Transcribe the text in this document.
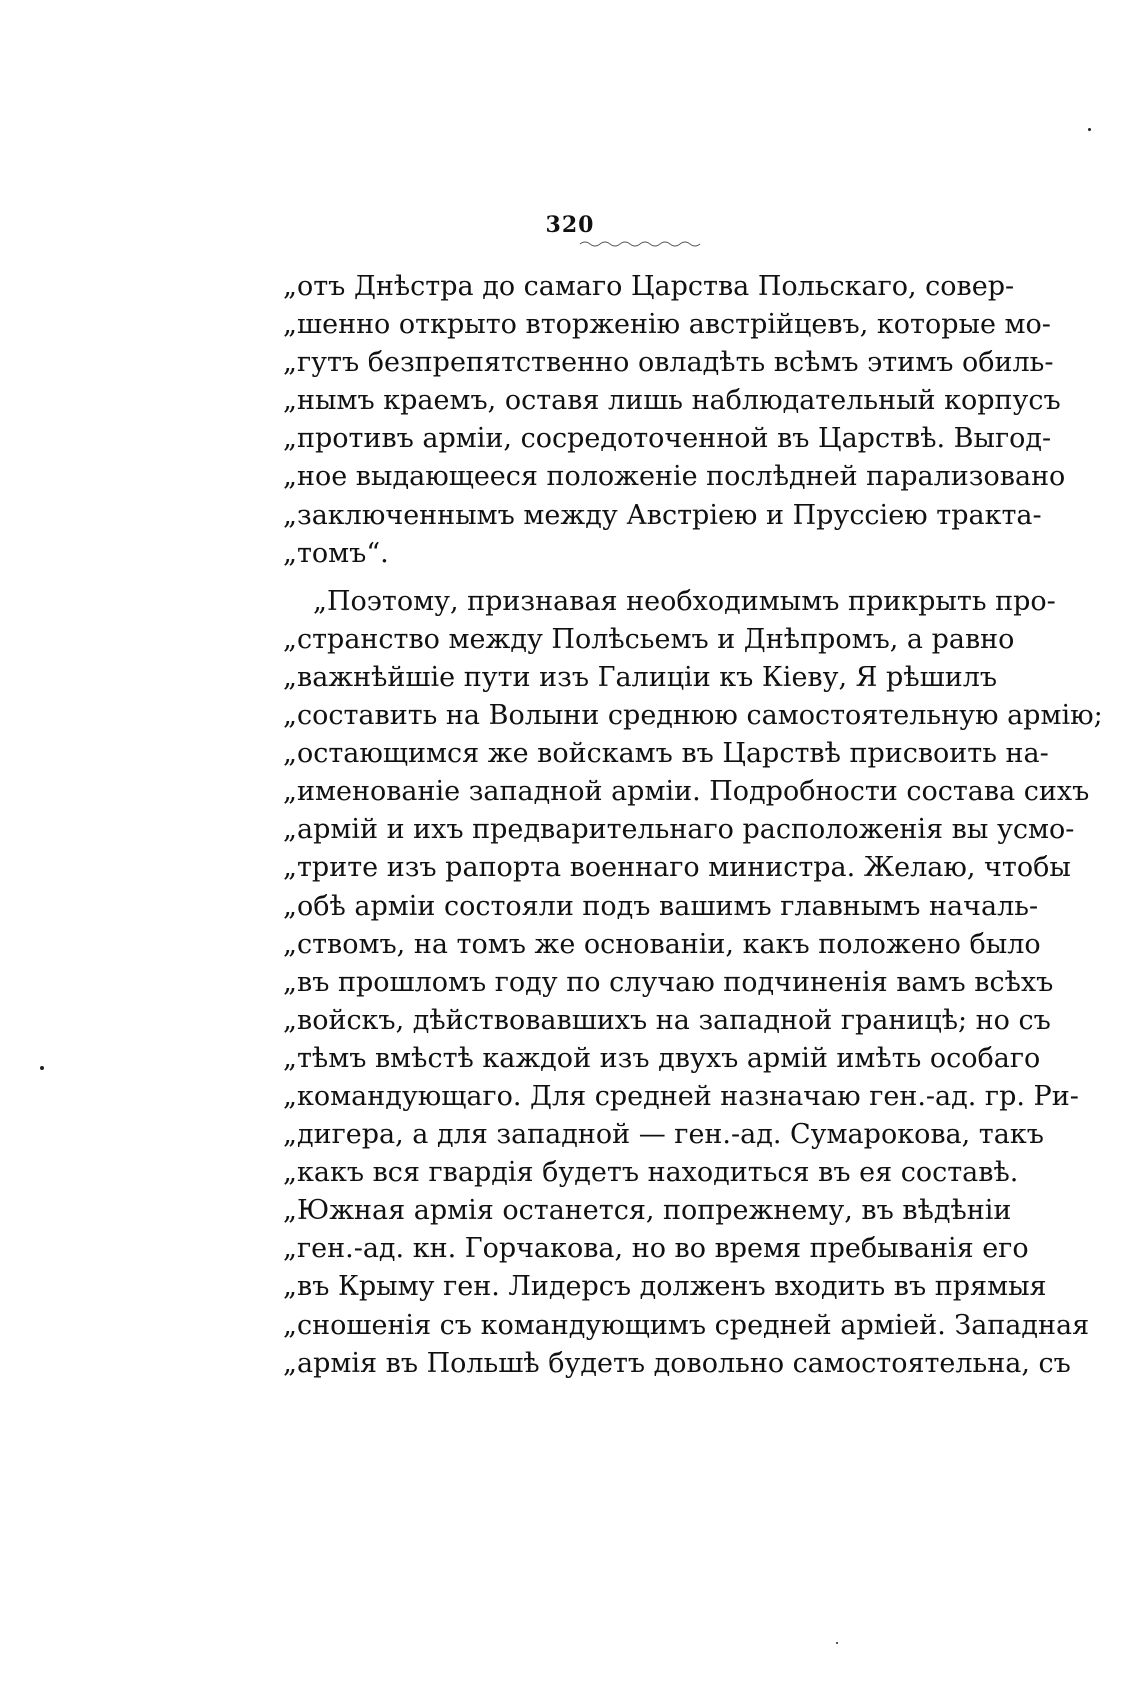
320
„отъ Днѣстра до самаго Царства Польскаго, совер-
„шенно открыто вторженію австрійцевъ, которые мо-
„гутъ безпрепятственно овладѣть всѣмъ этимъ обиль-
„нымъ краемъ, оставя лишь наблюдательный корпусъ
„противъ арміи, сосредоточенной въ Царствѣ. Выгод-
„ное выдающееся положеніе послѣдней парализовано
„заключеннымъ между Австріею и Пруссіею тракта-
„томъ“.
„Поэтому, признавая необходимымъ прикрыть про-
„странство между Полѣсьемъ и Днѣпромъ, а равно
„важнѣйшіе пути изъ Галиціи къ Кіеву, Я рѣшилъ
„составить на Волыни среднюю самостоятельную армію;
„остающимся же войскамъ въ Царствѣ присвоить на-
„именованіе западной арміи. Подробности состава сихъ
„армій и ихъ предварительнаго расположенія вы усмо-
„трите изъ рапорта военнаго министра. Желаю, чтобы
„обѣ арміи состояли подъ вашимъ главнымъ началь-
„ствомъ, на томъ же основаніи, какъ положено было
„въ прошломъ году по случаю подчиненія вамъ всѣхъ
„войскъ, дѣйствовавшихъ на западной границѣ; но съ
„тѣмъ вмѣстѣ каждой изъ двухъ армій имѣть особаго
„командующаго. Для средней назначаю ген.-ад. гр. Ри-
„дигера, а для западной — ген.-ад. Сумарокова, такъ
„какъ вся гвардія будетъ находиться въ ея составѣ.
„Южная армія останется, попрежнему, въ вѣдѣніи
„ген.-ад. кн. Горчакова, но во время пребыванія его
„въ Крыму ген. Лидерсъ долженъ входить въ прямыя
„сношенія съ командующимъ средней арміей. Западная
„армія въ Польшѣ будетъ довольно самостоятельна, съ
